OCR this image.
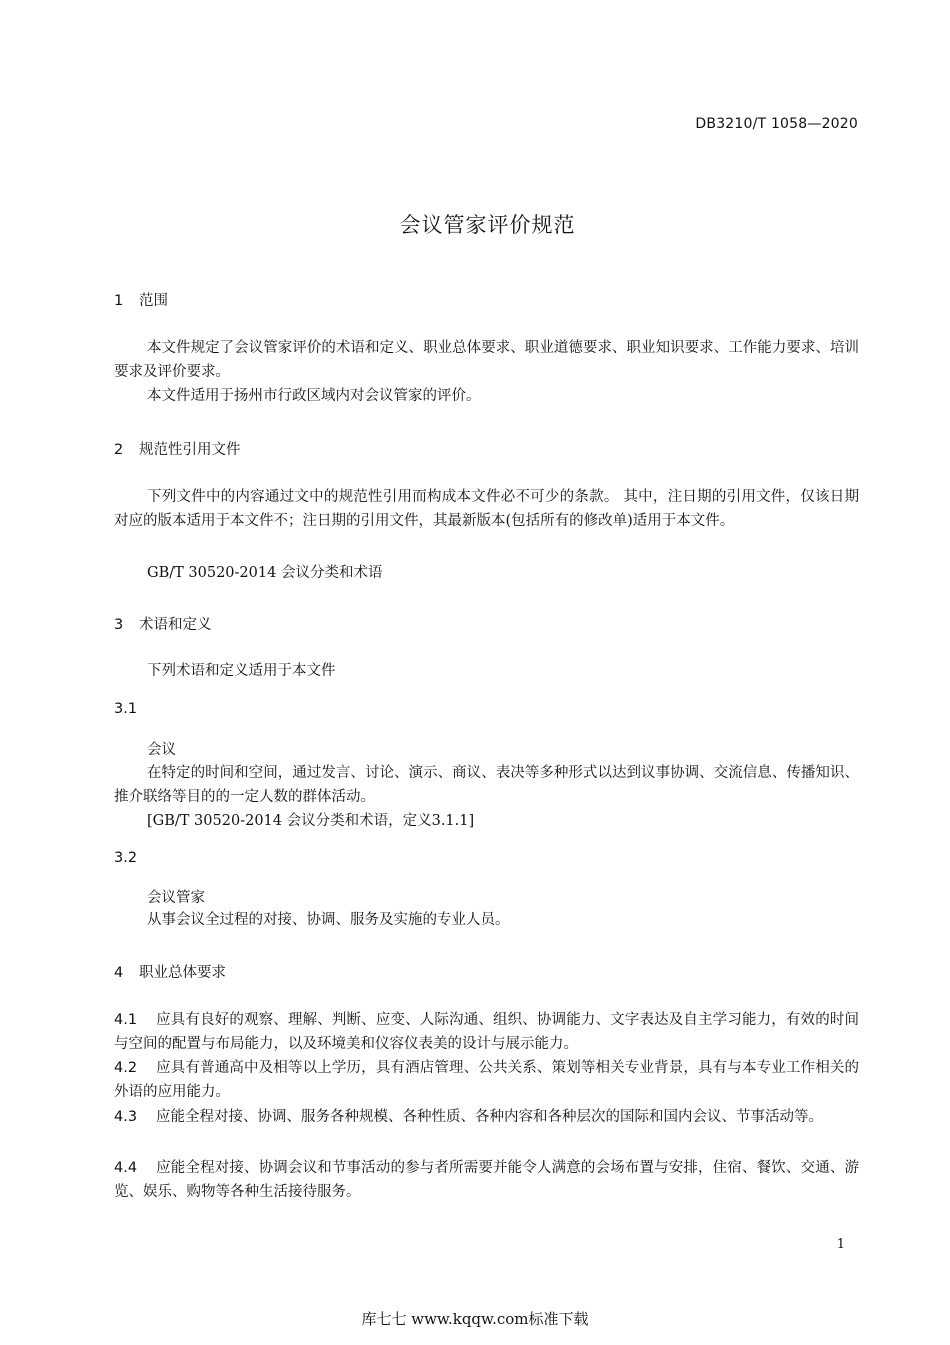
DB3210/T 1058—2020
会议管家评价规范
1 范围
本文件规定了会议管家评价的术语和定义、职业总体要求、职业道德要求、职业知识要求、工作能力要求、培训要求及评价要求。
本文件适用于扬州市行政区域内对会议管家的评价。
2 规范性引用文件
下列文件中的内容通过文中的规范性引用而构成本文件必不可少的条款。 其中，注日期的引用文件，仅该日期对应的版本适用于本文件不；注日期的引用文件，其最新版本(包括所有的修改单)适用于本文件。
GB/T 30520-2014 会议分类和术语
3 术语和定义
下列术语和定义适用于本文件
3.1
会议
在特定的时间和空间，通过发言、讨论、演示、商议、表决等多种形式以达到议事协调、交流信息、传播知识、推介联络等目的的一定人数的群体活动。
[GB/T 30520-2014 会议分类和术语，定义3.1.1]
3.2
会议管家
从事会议全过程的对接、协调、服务及实施的专业人员。
4 职业总体要求
4.1 应具有良好的观察、理解、判断、应变、人际沟通、组织、协调能力、文字表达及自主学习能力，有效的时间与空间的配置与布局能力，以及环境美和仪容仪表美的设计与展示能力。
4.2 应具有普通高中及相等以上学历，具有酒店管理、公共关系、策划等相关专业背景，具有与本专业工作相关的外语的应用能力。
4.3 应能全程对接、协调、服务各种规模、各种性质、各种内容和各种层次的国际和国内会议、节事活动等。
4.4 应能全程对接、协调会议和节事活动的参与者所需要并能令人满意的会场布置与安排，住宿、餐饮、交通、游览、娱乐、购物等各种生活接待服务。
1
库七七 www.kqqw.com标准下载
